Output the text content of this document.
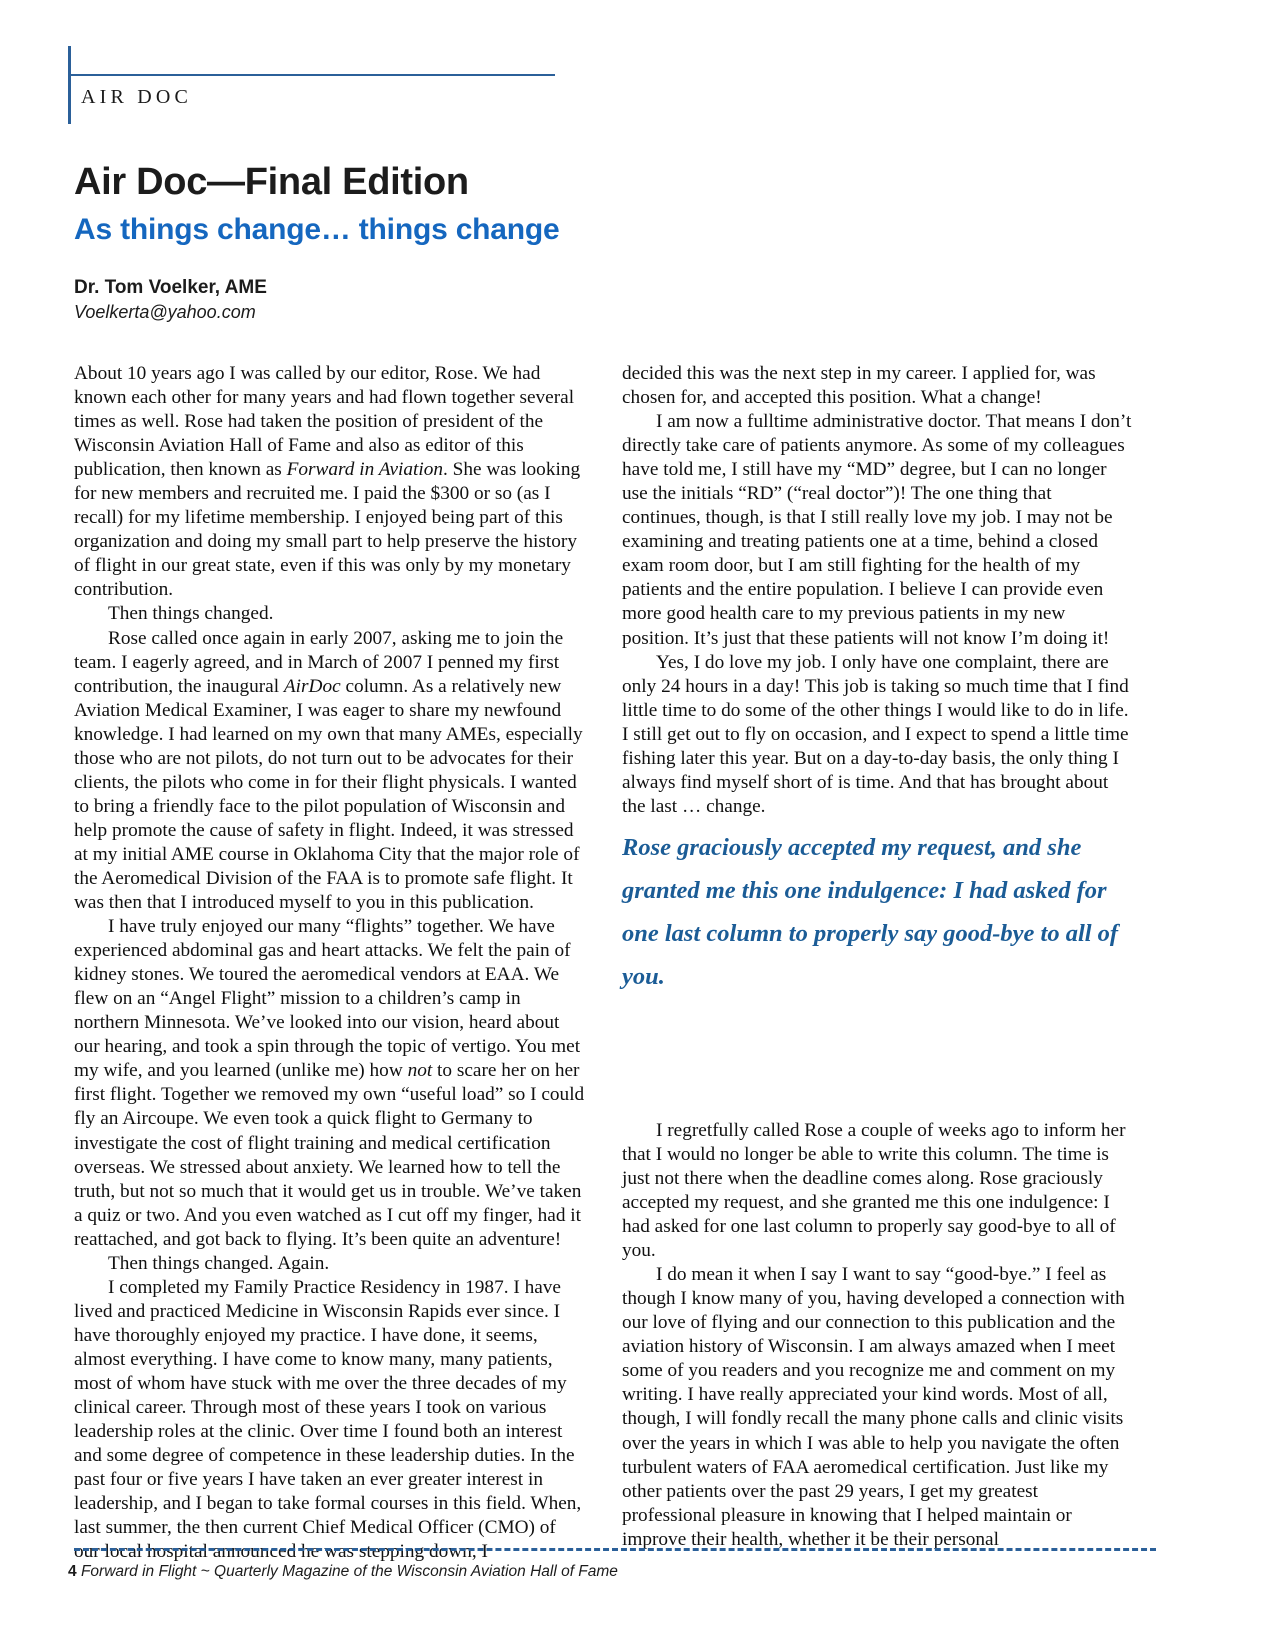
AIR DOC
Air Doc—Final Edition
As things change… things change
Dr. Tom Voelker, AME
Voelkerta@yahoo.com

About 10 years ago I was called by our editor, Rose. We had known each other for many years and had flown together several times as well. Rose had taken the position of president of the Wisconsin Aviation Hall of Fame and also as editor of this publication, then known as Forward in Aviation. She was looking for new members and recruited me. I paid the $300 or so (as I recall) for my lifetime membership. I enjoyed being part of this organization and doing my small part to help preserve the history of flight in our great state, even if this was only by my monetary contribution.

Then things changed.

Rose called once again in early 2007, asking me to join the team. I eagerly agreed, and in March of 2007 I penned my first contribution, the inaugural AirDoc column. As a relatively new Aviation Medical Examiner, I was eager to share my newfound knowledge. I had learned on my own that many AMEs, especially those who are not pilots, do not turn out to be advocates for their clients, the pilots who come in for their flight physicals. I wanted to bring a friendly face to the pilot population of Wisconsin and help promote the cause of safety in flight. Indeed, it was stressed at my initial AME course in Oklahoma City that the major role of the Aeromedical Division of the FAA is to promote safe flight. It was then that I introduced myself to you in this publication.

I have truly enjoyed our many “flights” together. We have experienced abdominal gas and heart attacks. We felt the pain of kidney stones. We toured the aeromedical vendors at EAA. We flew on an “Angel Flight” mission to a children’s camp in northern Minnesota. We’ve looked into our vision, heard about our hearing, and took a spin through the topic of vertigo. You met my wife, and you learned (unlike me) how not to scare her on her first flight. Together we removed my own “useful load” so I could fly an Aircoupe. We even took a quick flight to Germany to investigate the cost of flight training and medical certification overseas. We stressed about anxiety. We learned how to tell the truth, but not so much that it would get us in trouble. We’ve taken a quiz or two. And you even watched as I cut off my finger, had it reattached, and got back to flying. It’s been quite an adventure!

Then things changed. Again.

I completed my Family Practice Residency in 1987. I have lived and practiced Medicine in Wisconsin Rapids ever since. I have thoroughly enjoyed my practice. I have done, it seems, almost everything. I have come to know many, many patients, most of whom have stuck with me over the three decades of my clinical career. Through most of these years I took on various leadership roles at the clinic. Over time I found both an interest and some degree of competence in these leadership duties. In the past four or five years I have taken an ever greater interest in leadership, and I began to take formal courses in this field. When, last summer, the then current Chief Medical Officer (CMO) of our local hospital announced he was stepping down, I

decided this was the next step in my career. I applied for, was chosen for, and accepted this position. What a change!

I am now a fulltime administrative doctor. That means I don’t directly take care of patients anymore. As some of my colleagues have told me, I still have my “MD” degree, but I can no longer use the initials “RD” (“real doctor”)! The one thing that continues, though, is that I still really love my job. I may not be examining and treating patients one at a time, behind a closed exam room door, but I am still fighting for the health of my patients and the entire population. I believe I can provide even more good health care to my previous patients in my new position. It’s just that these patients will not know I’m doing it!

Yes, I do love my job. I only have one complaint, there are only 24 hours in a day! This job is taking so much time that I find little time to do some of the other things I would like to do in life. I still get out to fly on occasion, and I expect to spend a little time fishing later this year. But on a day-to-day basis, the only thing I always find myself short of is time. And that has brought about the last … change.

I regretfully called Rose a couple of weeks ago to inform her that I would no longer be able to write this column. The time is just not there when the deadline comes along. Rose graciously accepted my request, and she granted me this one indulgence: I had asked for one last column to properly say good-bye to all of you.

I do mean it when I say I want to say “good-bye.” I feel as though I know many of you, having developed a connection with our love of flying and our connection to this publication and the aviation history of Wisconsin. I am always amazed when I meet some of you readers and you recognize me and comment on my writing. I have really appreciated your kind words. Most of all, though, I will fondly recall the many phone calls and clinic visits over the years in which I was able to help you navigate the often turbulent waters of FAA aeromedical certification. Just like my other patients over the past 29 years, I get my greatest professional pleasure in knowing that I helped maintain or improve their health, whether it be their personal

Rose graciously accepted my request, and she granted me this one indulgence: I had asked for one last column to properly say good-bye to all of you.
4 Forward in Flight ~ Quarterly Magazine of the Wisconsin Aviation Hall of Fame
